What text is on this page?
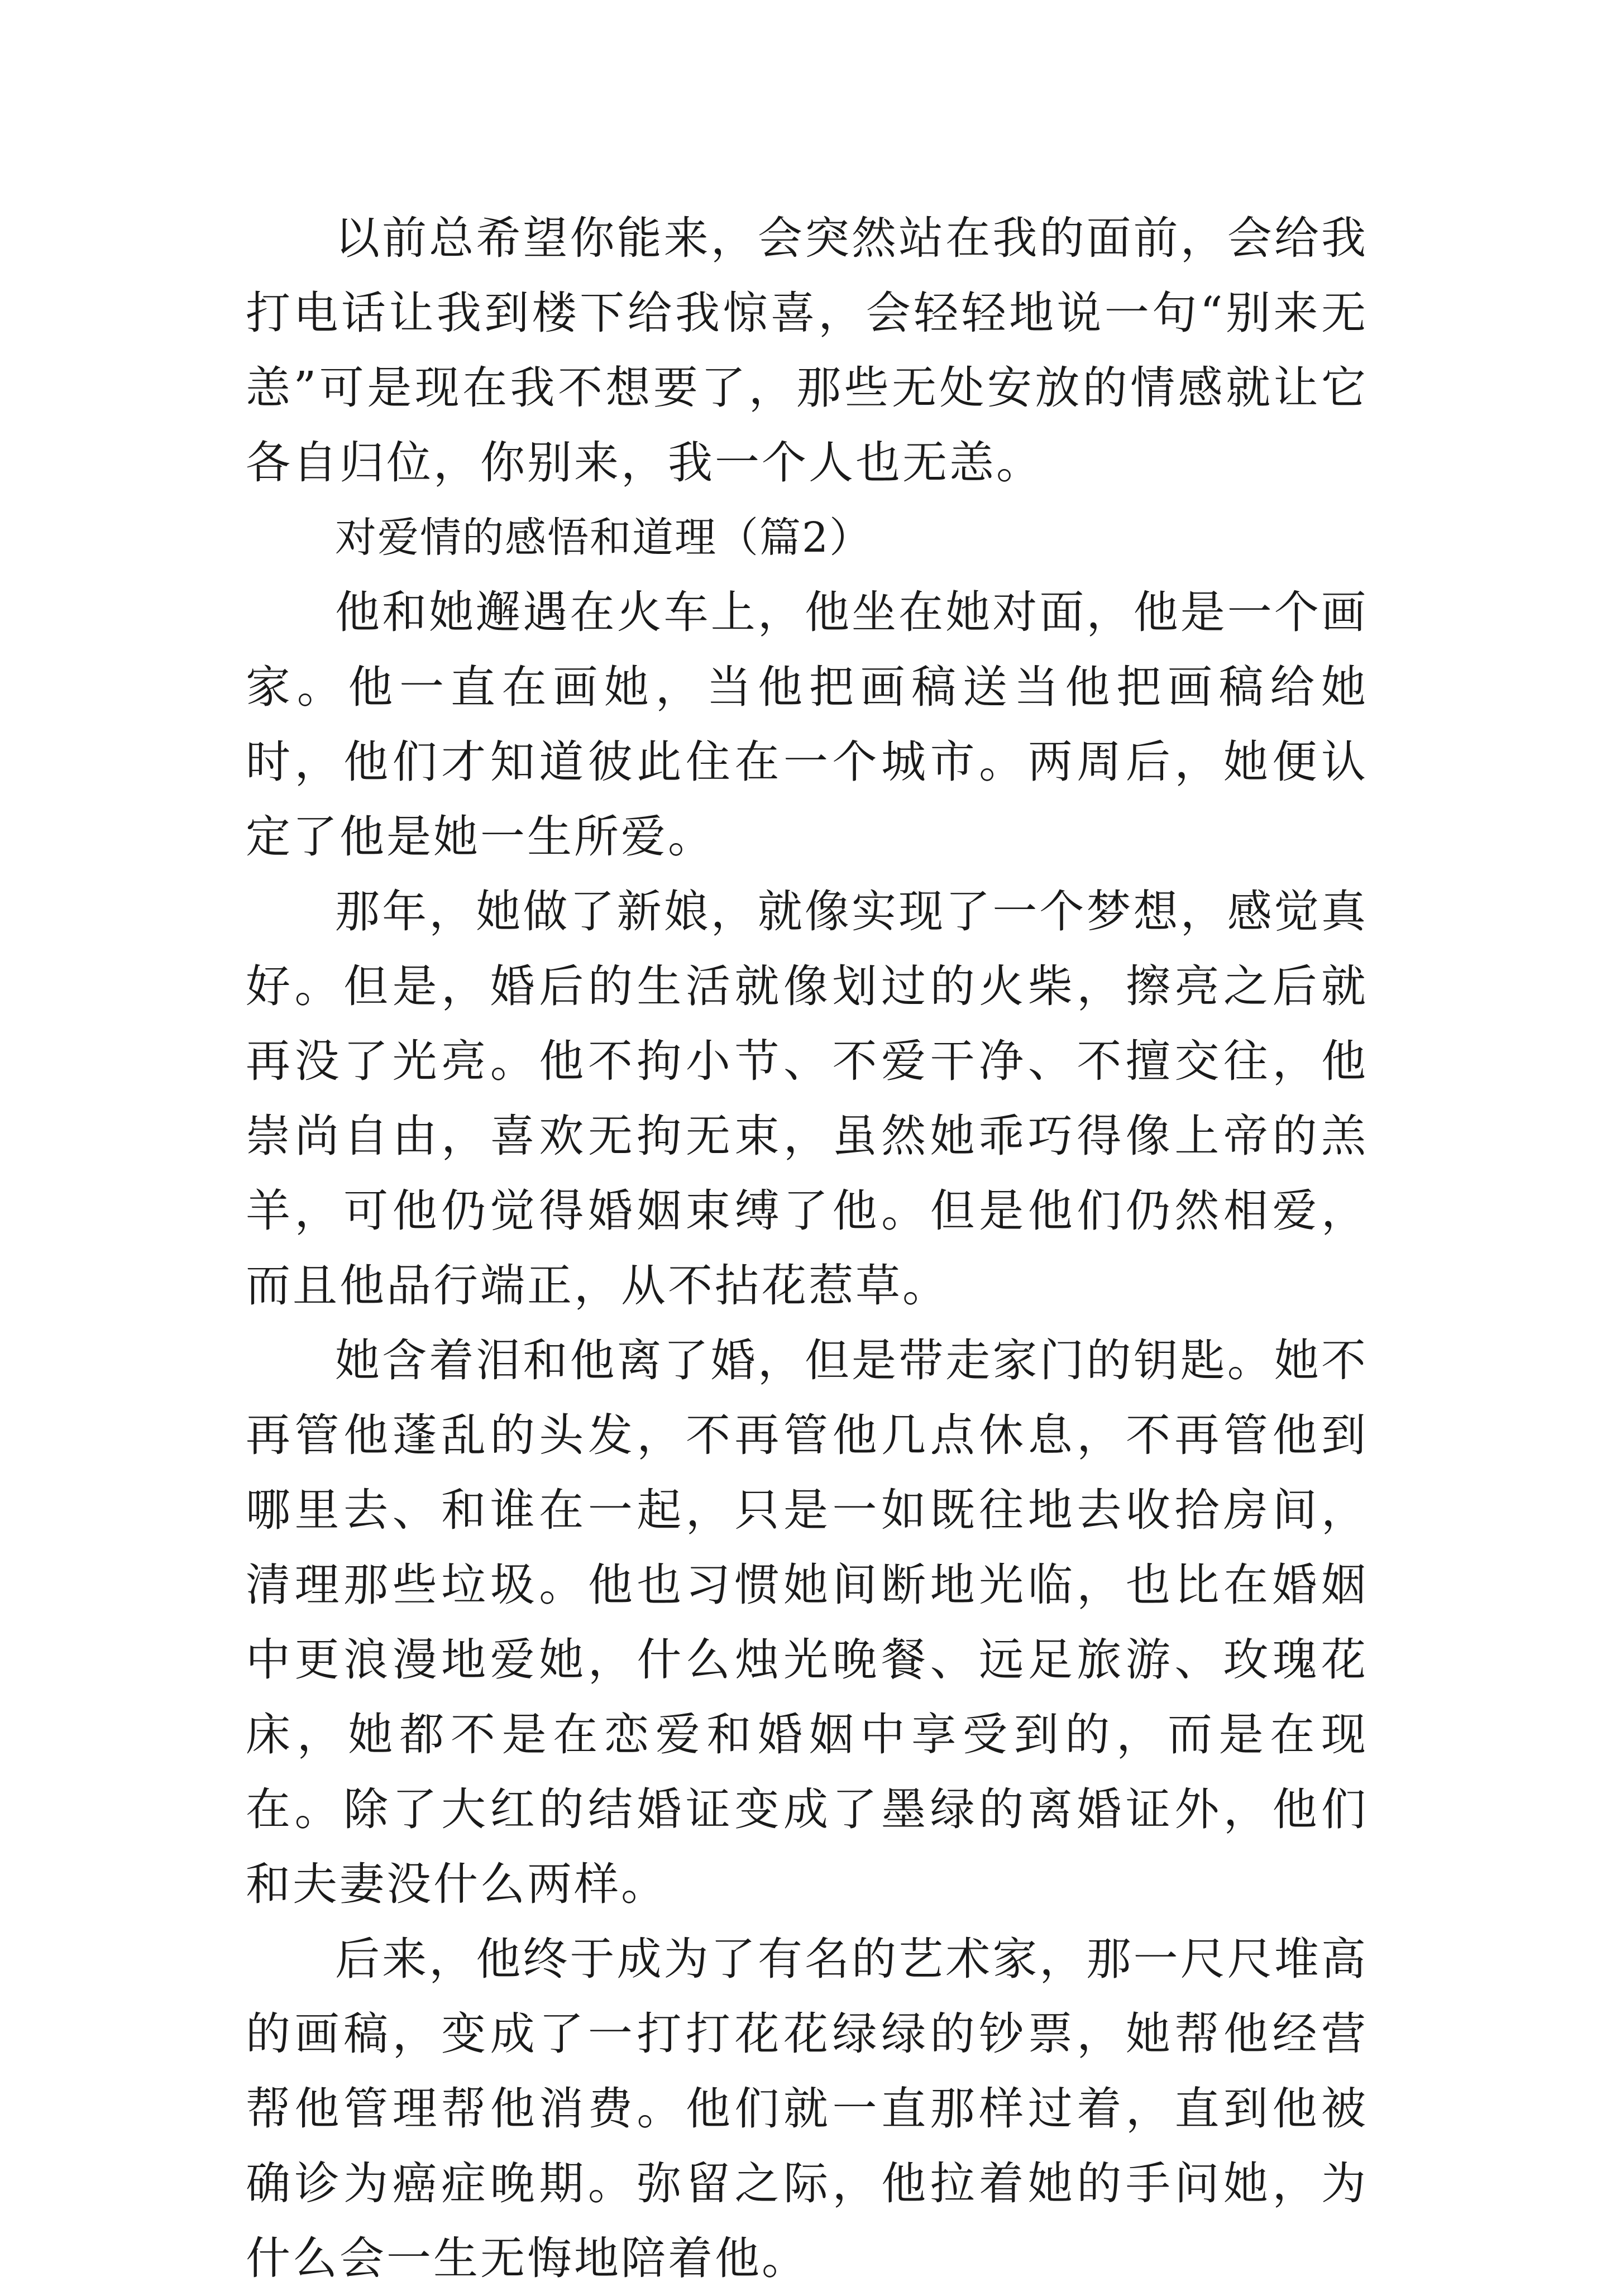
以前总希望你能来，会突然站在我的面前，会给我打电话让我到楼下给我惊喜，会轻轻地说一句“别来无恙”可是现在我不想要了，那些无处安放的情感就让它各自归位，你别来，我一个人也无恙。

对爱情的感悟和道理（篇2）

他和她邂遇在火车上，他坐在她对面，他是一个画家。他一直在画她，当他把画稿送当他把画稿给她时，他们才知道彼此住在一个城市。两周后，她便认定了他是她一生所爱。

那年，她做了新娘，就像实现了一个梦想，感觉真好。但是，婚后的生活就像划过的火柴，擦亮之后就再没了光亮。他不拘小节、不爱干净、不擅交往，他崇尚自由，喜欢无拘无束，虽然她乖巧得像上帝的羔羊，可他仍觉得婚姻束缚了他。但是他们仍然相爱，而且他品行端正，从不拈花惹草。

她含着泪和他离了婚，但是带走家门的钥匙。她不再管他蓬乱的头发，不再管他几点休息，不再管他到哪里去、和谁在一起，只是一如既往地去收拾房间，清理那些垃圾。他也习惯她间断地光临，也比在婚姻中更浪漫地爱她，什么烛光晚餐、远足旅游、玫瑰花床，她都不是在恋爱和婚姻中享受到的，而是在现在。除了大红的结婚证变成了墨绿的离婚证外，他们和夫妻没什么两样。

后来，他终于成为了有名的艺术家，那一尺尺堆高的画稿，变成了一打打花花绿绿的钞票，她帮他经营帮他管理帮他消费。他们就一直那样过着，直到他被确诊为癌症晚期。弥留之际，他拉着她的手问她，为什么会一生无悔地陪着他。
